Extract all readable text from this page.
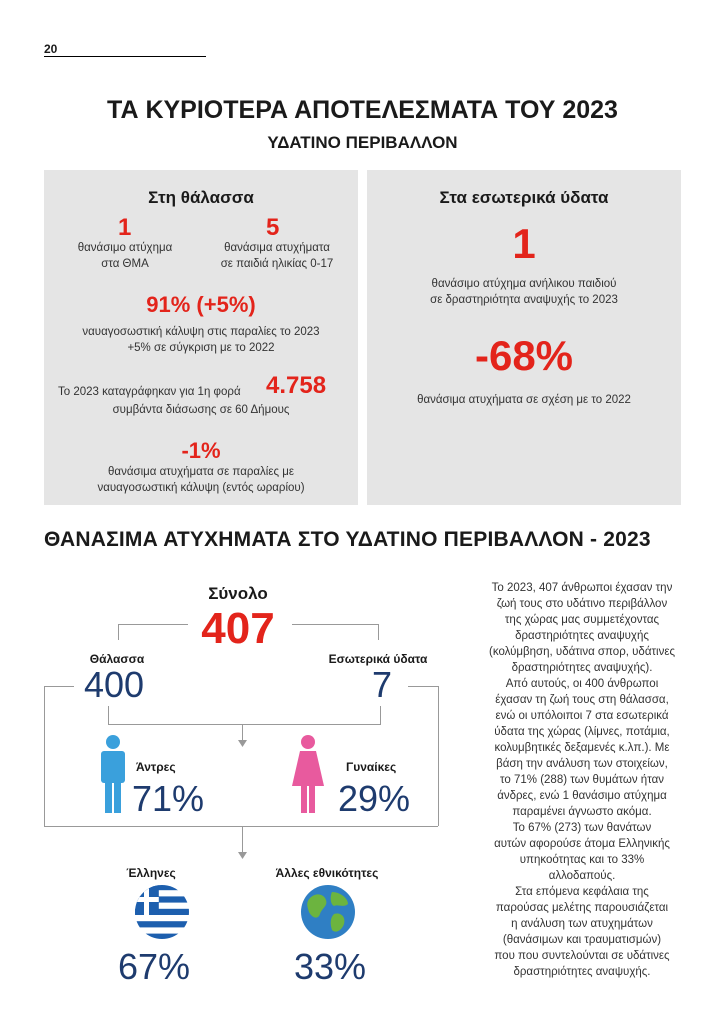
20
ΤΑ ΚΥΡΙΟΤΕΡΑ ΑΠΟΤΕΛΕΣΜΑΤΑ ΤΟΥ 2023
ΥΔΑΤΙΝΟ ΠΕΡΙΒΑΛΛΟΝ
Στη θάλασσα
1
θανάσιμο ατύχημα
στα ΘΜΑ
5
θανάσιμα ατυχήματα
σε παιδιά ηλικίας 0-17
91% (+5%)
ναυαγοσωστική κάλυψη στις παραλίες το 2023
+5% σε σύγκριση με το 2022
Το 2023 καταγράφηκαν για 1η φορά	4.758
συμβάντα διάσωσης σε 60 Δήμους
-1%
θανάσιμα ατυχήματα σε παραλίες με
ναυαγοσωστική κάλυψη (εντός ωραρίου)
Στα εσωτερικά ύδατα
1
θανάσιμο ατύχημα ανήλικου παιδιού
σε δραστηριότητα αναψυχής το 2023
-68%
θανάσιμα ατυχήματα σε σχέση με το 2022
ΘΑΝΑΣΙΜΑ ΑΤΥΧΗΜΑΤΑ ΣΤΟ ΥΔΑΤΙΝΟ ΠΕΡΙΒΑΛΛΟΝ - 2023
Σύνολο
407
Θάλασσα	Εσωτερικά ύδατα
400	7
Άντρες
71%
Γυναίκες
29%
Έλληνες	Άλλες εθνικότητες
67%	33%
Το 2023, 407 άνθρωποι έχασαν την
ζωή τους στο υδάτινο περιβάλλον
της χώρας μας συμμετέχοντας
δραστηριότητες αναψυχής
(κολύμβηση, υδάτινα σπορ, υδάτινες
δραστηριότητες αναψυχής).
Από αυτούς, οι 400 άνθρωποι
έχασαν τη ζωή τους στη θάλασσα,
ενώ οι υπόλοιποι 7 στα εσωτερικά
ύδατα της χώρας (λίμνες, ποτάμια,
κολυμβητικές δεξαμενές κ.λπ.). Με
βάση την ανάλυση των στοιχείων,
το 71% (288) των θυμάτων ήταν
άνδρες, ενώ 1 θανάσιμο ατύχημα
παραμένει άγνωστο ακόμα.
Το 67% (273) των θανάτων
αυτών αφορούσε άτομα Ελληνικής
υπηκοότητας και το 33%
αλλοδαπούς.
Στα επόμενα κεφάλαια της
παρούσας μελέτης παρουσιάζεται
η ανάλυση των ατυχημάτων
(θανάσιμων και τραυματισμών)
που που συντελούνται σε υδάτινες
δραστηριότητες αναψυχής.
